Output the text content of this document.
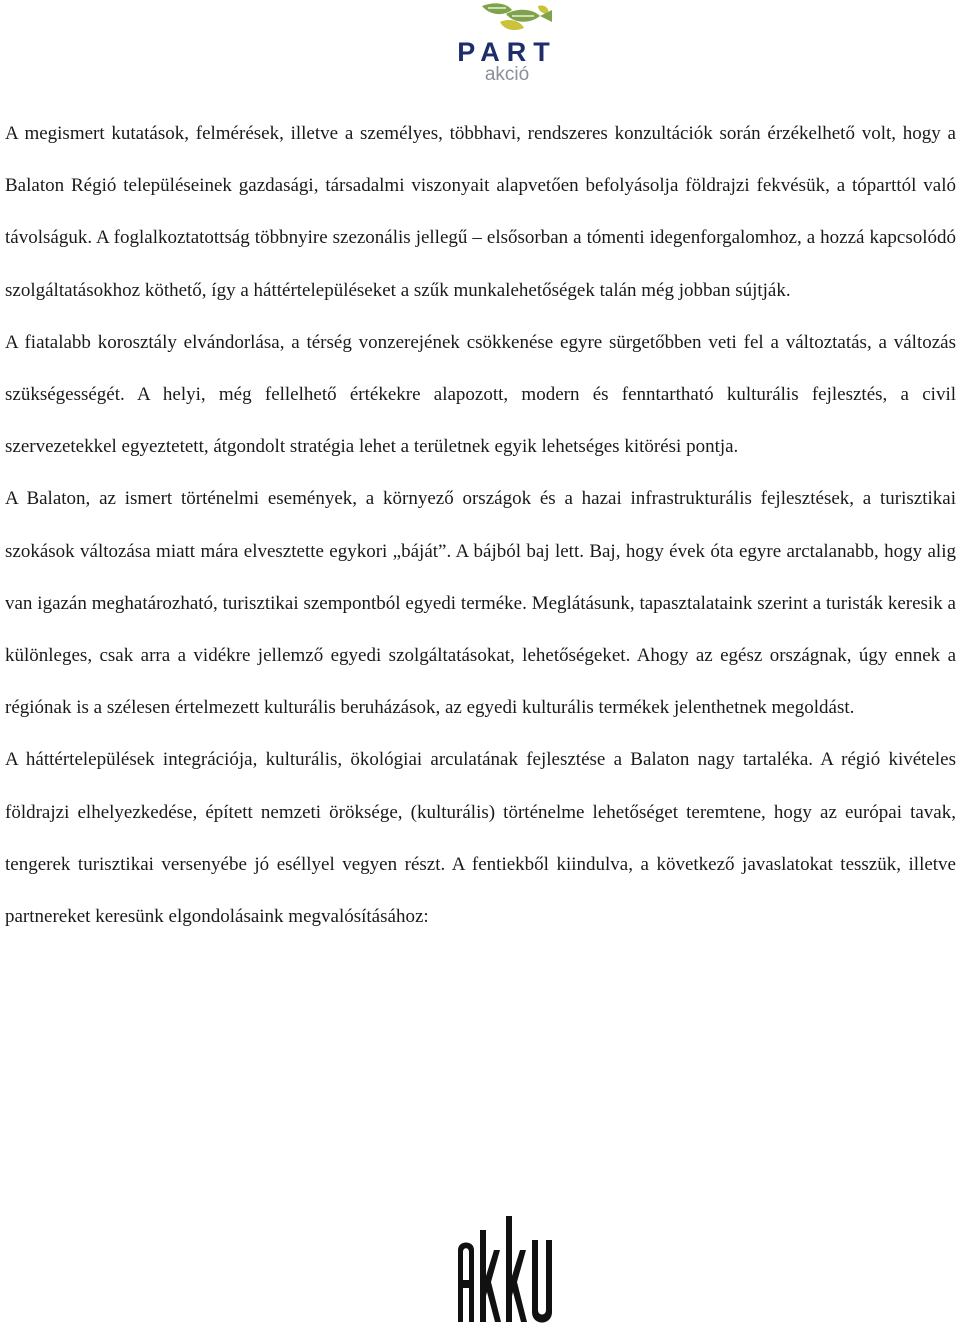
PART
akció

A megismert kutatások, felmérések, illetve a személyes, többhavi, rendszeres konzultációk során érzékelhető volt, hogy a Balaton Régió településeinek gazdasági, társadalmi viszonyait alapvetően befolyásolja földrajzi fekvésük, a tóparttól való távolságuk. A foglalkoztatottság többnyire szezonális jellegű – elsősorban a tómenti idegenforgalomhoz, a hozzá kapcsolódó szolgáltatásokhoz köthető, így a háttértelepüléseket a szűk munkalehetőségek talán még jobban sújtják.

A fiatalabb korosztály elvándorlása, a térség vonzerejének csökkenése egyre sürgetőbben veti fel a változtatás, a változás szükségességét. A helyi, még fellelhető értékekre alapozott, modern és fenntartható kulturális fejlesztés, a civil szervezetekkel egyeztetett, átgondolt stratégia lehet a területnek egyik lehetséges kitörési pontja.

A Balaton, az ismert történelmi események, a környező országok és a hazai infrastrukturális fejlesztések, a turisztikai szokások változása miatt mára elvesztette egykori „báját”. A bájból baj lett. Baj, hogy évek óta egyre arctalanabb, hogy alig van igazán meghatározható, turisztikai szempontból egyedi terméke. Meglátásunk, tapasztalataink szerint a turisták keresik a különleges, csak arra a vidékre jellemző egyedi szolgáltatásokat, lehetőségeket. Ahogy az egész országnak, úgy ennek a régiónak is a szélesen értelmezett kulturális beruházások, az egyedi kulturális termékek jelenthetnek megoldást.

A háttértelepülések integrációja, kulturális, ökológiai arculatának fejlesztése a Balaton nagy tartaléka. A régió kivételes földrajzi elhelyezkedése, épített nemzeti öröksége, (kulturális) történelme lehetőséget teremtene, hogy az európai tavak, tengerek turisztikai versenyébe jó eséllyel vegyen részt. A fentiekből kiindulva, a következő javaslatokat tesszük, illetve partnereket keresünk elgondolásaink megvalósításához:
